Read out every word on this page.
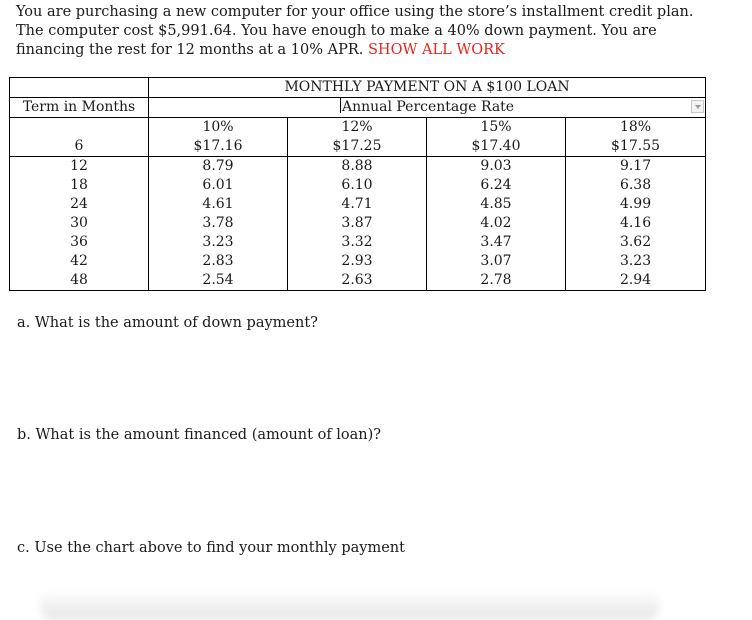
You are purchasing a new computer for your office using the store’s installment credit plan. The computer cost $5,991.64. You have enough to make a 40% down payment. You are financing the rest for 12 months at a 10% APR. SHOW ALL WORK
	MONTHLY PAYMENT ON A $100 LOAN			
Term in Months	Annual Percentage Rate			

	10%	12%	15%	18%
6	$17.16	$17.25	$17.40	$17.55
12	8.79	8.88	9.03	9.17
18	6.01	6.10	6.24	6.38
24	4.61	4.71	4.85	4.99
30	3.78	3.87	4.02	4.16
36	3.23	3.32	3.47	3.62
42	2.83	2.93	3.07	3.23
48	2.54	2.63	2.78	2.94
a. What is the amount of down payment?
b. What is the amount financed (amount of loan)?
c. Use the chart above to find your monthly payment
